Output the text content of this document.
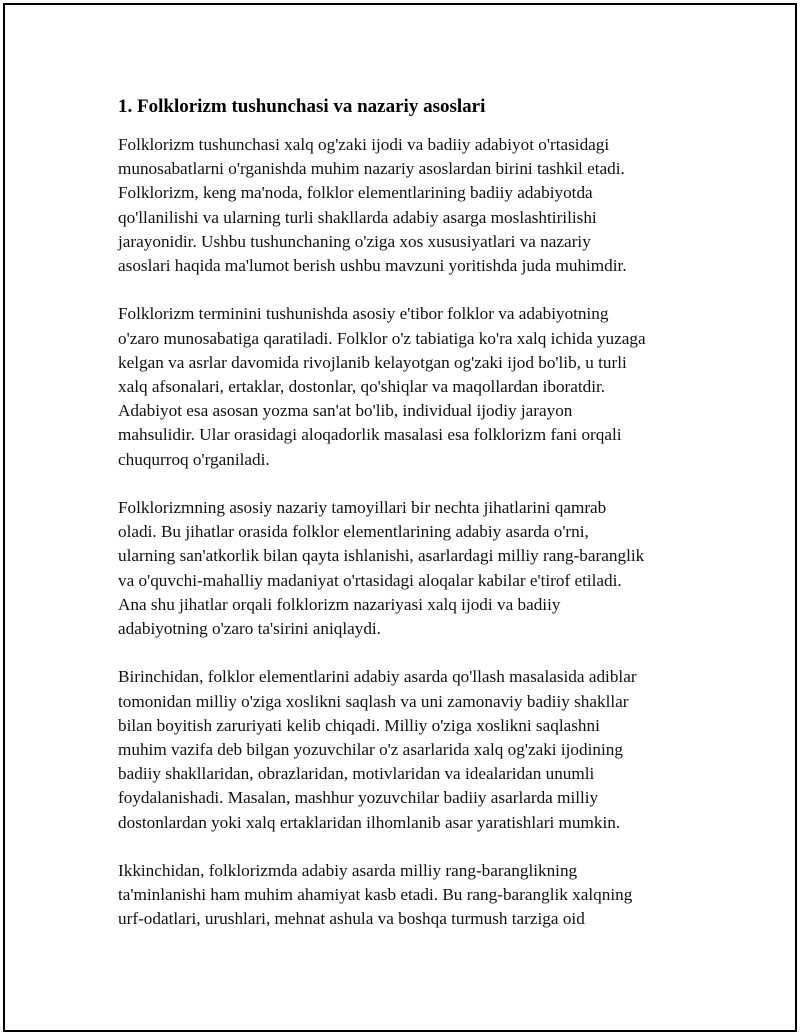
1. Folklorizm tushunchasi va nazariy asoslari

Folklorizm tushunchasi xalq og'zaki ijodi va badiiy adabiyot o'rtasidagi
munosabatlarni o'rganishda muhim nazariy asoslardan birini tashkil etadi.
Folklorizm, keng ma'noda, folklor elementlarining badiiy adabiyotda
qo'llanilishi va ularning turli shakllarda adabiy asarga moslashtirilishi
jarayonidir. Ushbu tushunchaning o'ziga xos xususiyatlari va nazariy
asoslari haqida ma'lumot berish ushbu mavzuni yoritishda juda muhimdir.

Folklorizm terminini tushunishda asosiy e'tibor folklor va adabiyotning
o'zaro munosabatiga qaratiladi. Folklor o'z tabiatiga ko'ra xalq ichida yuzaga
kelgan va asrlar davomida rivojlanib kelayotgan og'zaki ijod bo'lib, u turli
xalq afsonalari, ertaklar, dostonlar, qo'shiqlar va maqollardan iboratdir.
Adabiyot esa asosan yozma san'at bo'lib, individual ijodiy jarayon
mahsulidir. Ular orasidagi aloqadorlik masalasi esa folklorizm fani orqali
chuqurroq o'rganiladi.

Folklorizmning asosiy nazariy tamoyillari bir nechta jihatlarini qamrab
oladi. Bu jihatlar orasida folklor elementlarining adabiy asarda o'rni,
ularning san'atkorlik bilan qayta ishlanishi, asarlardagi milliy rang-baranglik
va o'quvchi-mahalliy madaniyat o'rtasidagi aloqalar kabilar e'tirof etiladi.
Ana shu jihatlar orqali folklorizm nazariyasi xalq ijodi va badiiy
adabiyotning o'zaro ta'sirini aniqlaydi.

Birinchidan, folklor elementlarini adabiy asarda qo'llash masalasida adiblar
tomonidan milliy o'ziga xoslikni saqlash va uni zamonaviy badiiy shakllar
bilan boyitish zaruriyati kelib chiqadi. Milliy o'ziga xoslikni saqlashni
muhim vazifa deb bilgan yozuvchilar o'z asarlarida xalq og'zaki ijodining
badiiy shakllaridan, obrazlaridan, motivlaridan va idealaridan unumli
foydalanishadi. Masalan, mashhur yozuvchilar badiiy asarlarda milliy
dostonlardan yoki xalq ertaklaridan ilhomlanib asar yaratishlari mumkin.

Ikkinchidan, folklorizmda adabiy asarda milliy rang-baranglikning
ta'minlanishi ham muhim ahamiyat kasb etadi. Bu rang-baranglik xalqning
urf-odatlari, urushlari, mehnat ashula va boshqa turmush tarziga oid
